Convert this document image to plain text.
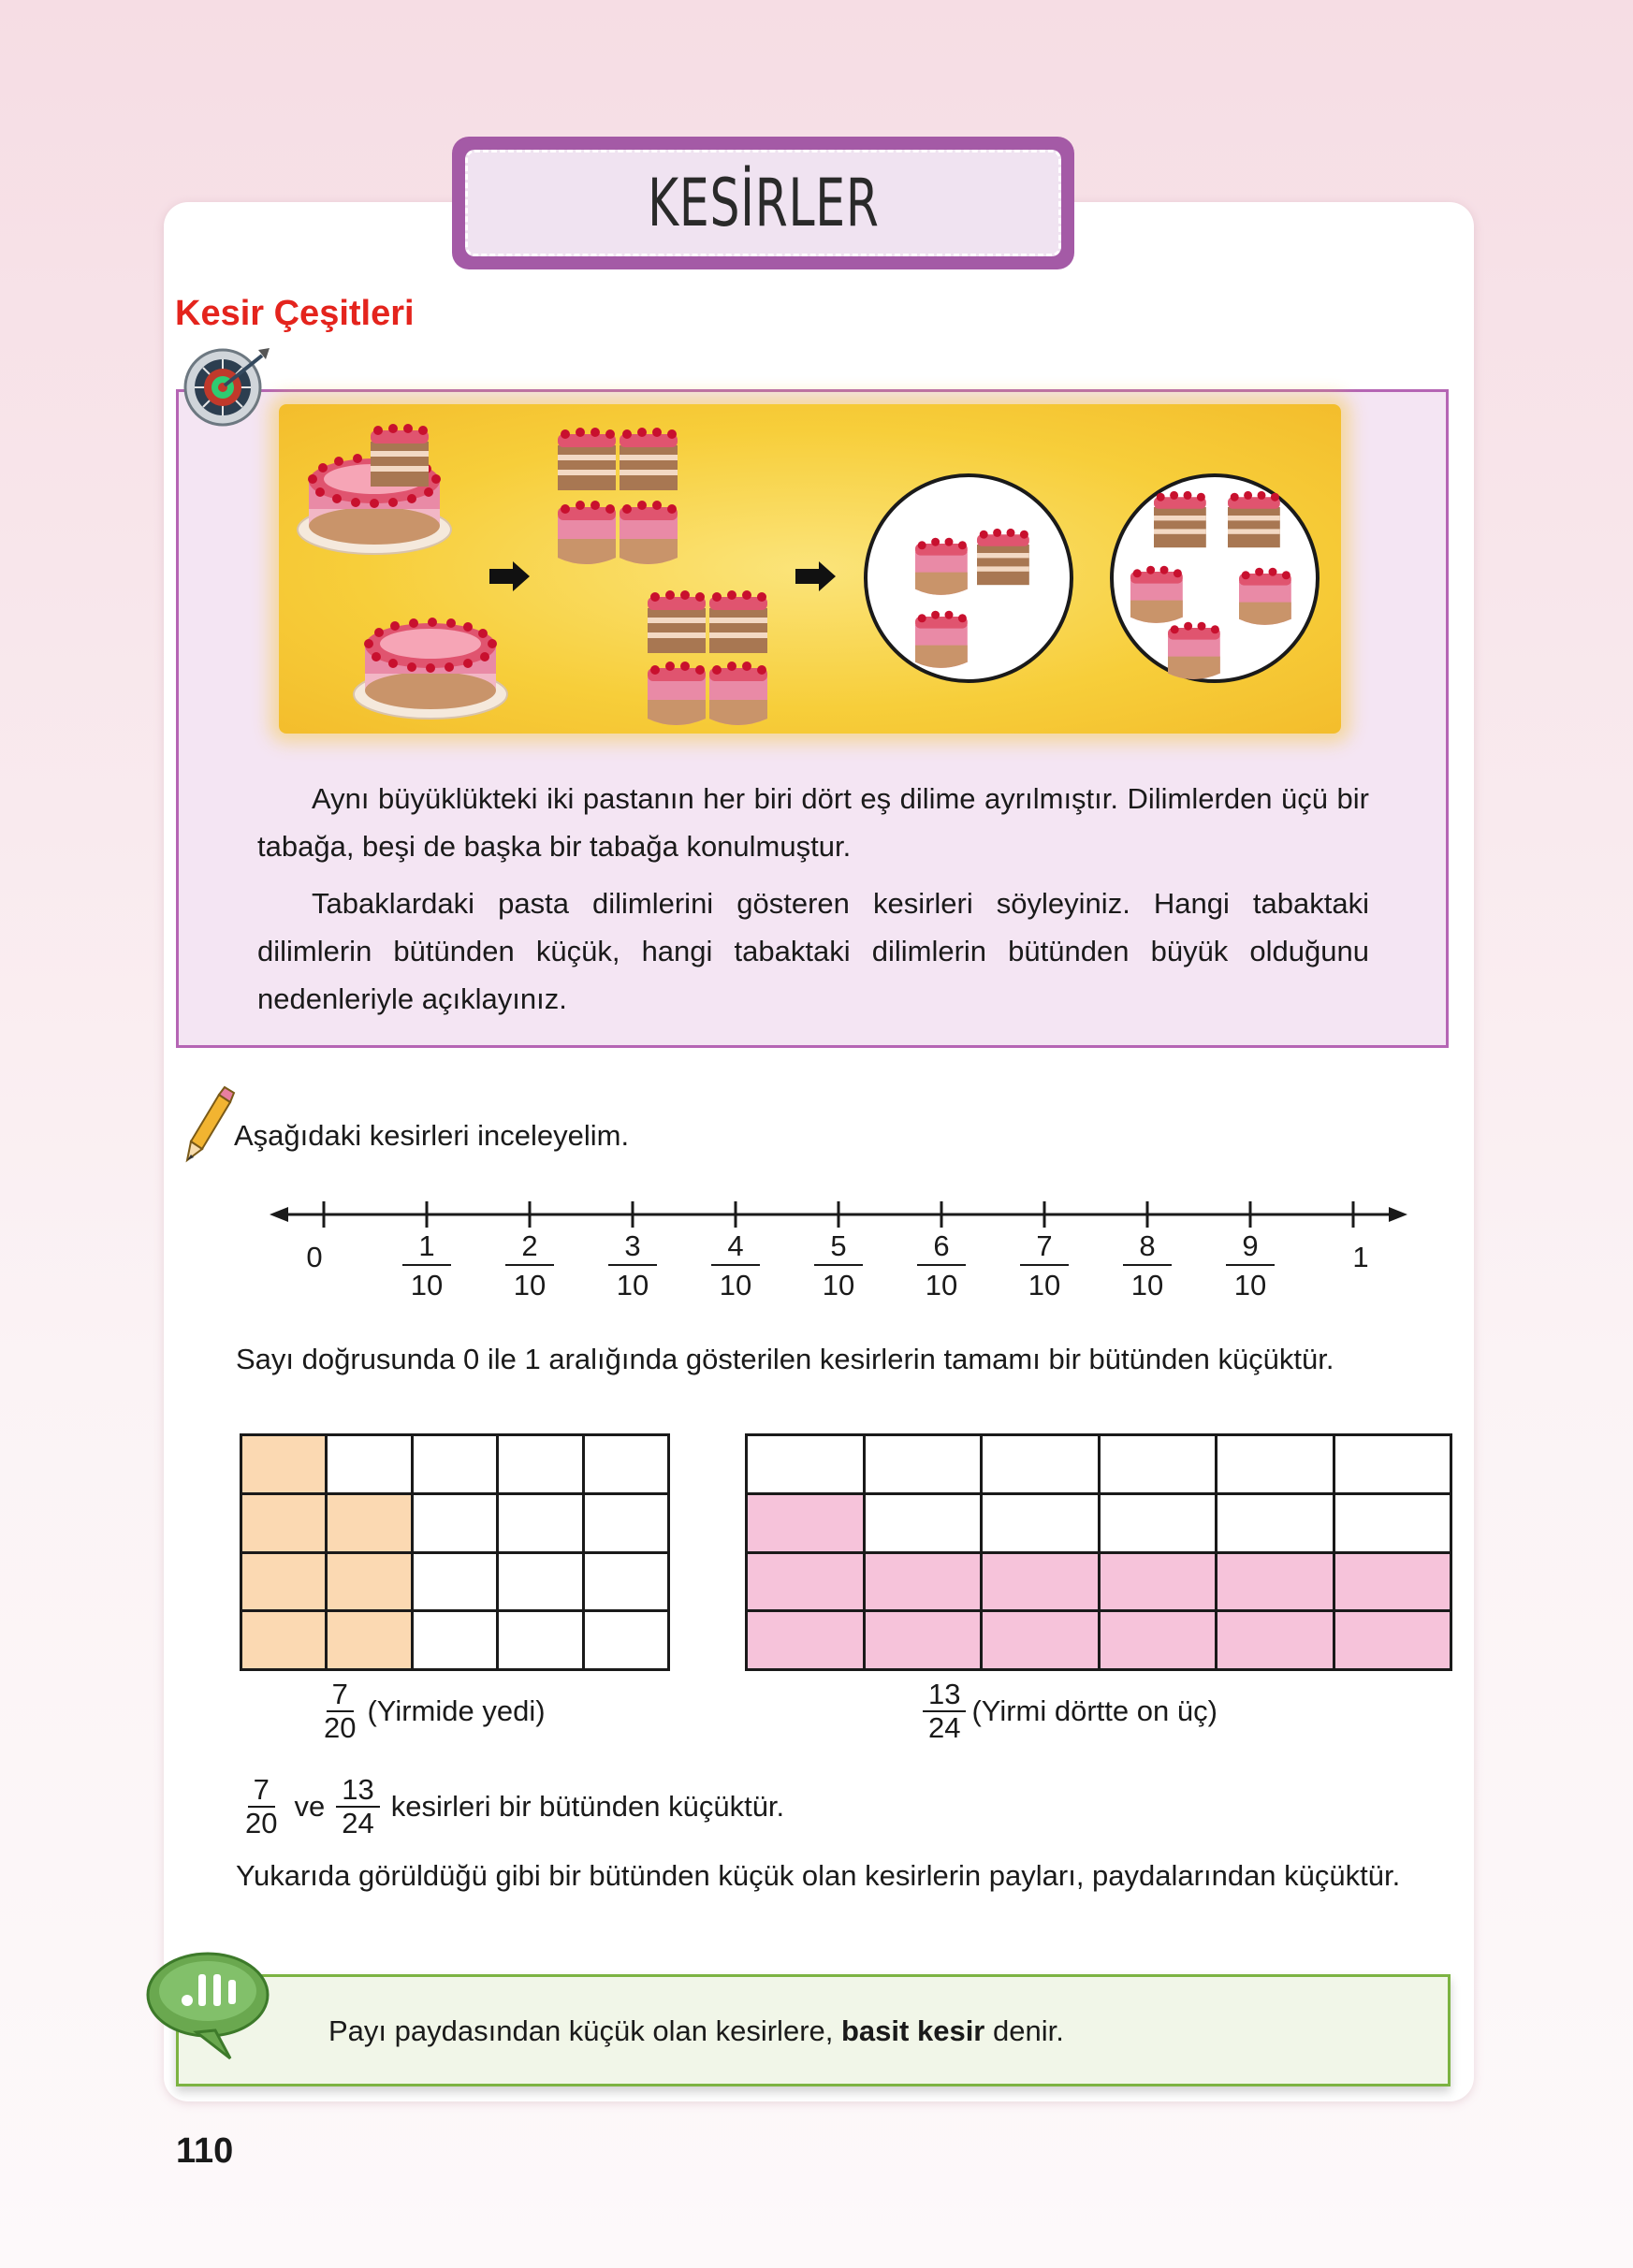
KESİRLER
Kesir Çeşitleri

Aynı büyüklükteki iki pastanın her biri dört eş dilime ayrılmıştır. Dilimlerden üçü bir tabağa, beşi de başka bir tabağa konulmuştur.

Tabaklardaki pasta dilimlerini gösteren kesirleri söyleyiniz. Hangi tabaktaki dilimlerin bütünden küçük, hangi tabaktaki dilimlerin bütünden büyük olduğunu nedenleriyle açıklayınız.

Aşağıdaki kesirleri inceleyelim.
0	1
10
2
10
3
10
4
10
5
10
6
10
7
10
8
10
9
10
1
Sayı doğrusunda 0 ile 1 aralığında gösterilen kesirlerin tamamı bir bütünden küçüktür.
$\frac{7}{20}$ (Yirmide yedi)	$\frac{13}{24}$ (Yirmi dörtte on üç)
$\frac{7}{20}$ ve $\frac{13}{24}$ kesirleri bir bütünden küçüktür.
Yukarıda görüldüğü gibi bir bütünden küçük olan kesirlerin payları, paydalarından küçüktür.
Payı paydasından küçük olan kesirlere, basit kesir denir.
110
